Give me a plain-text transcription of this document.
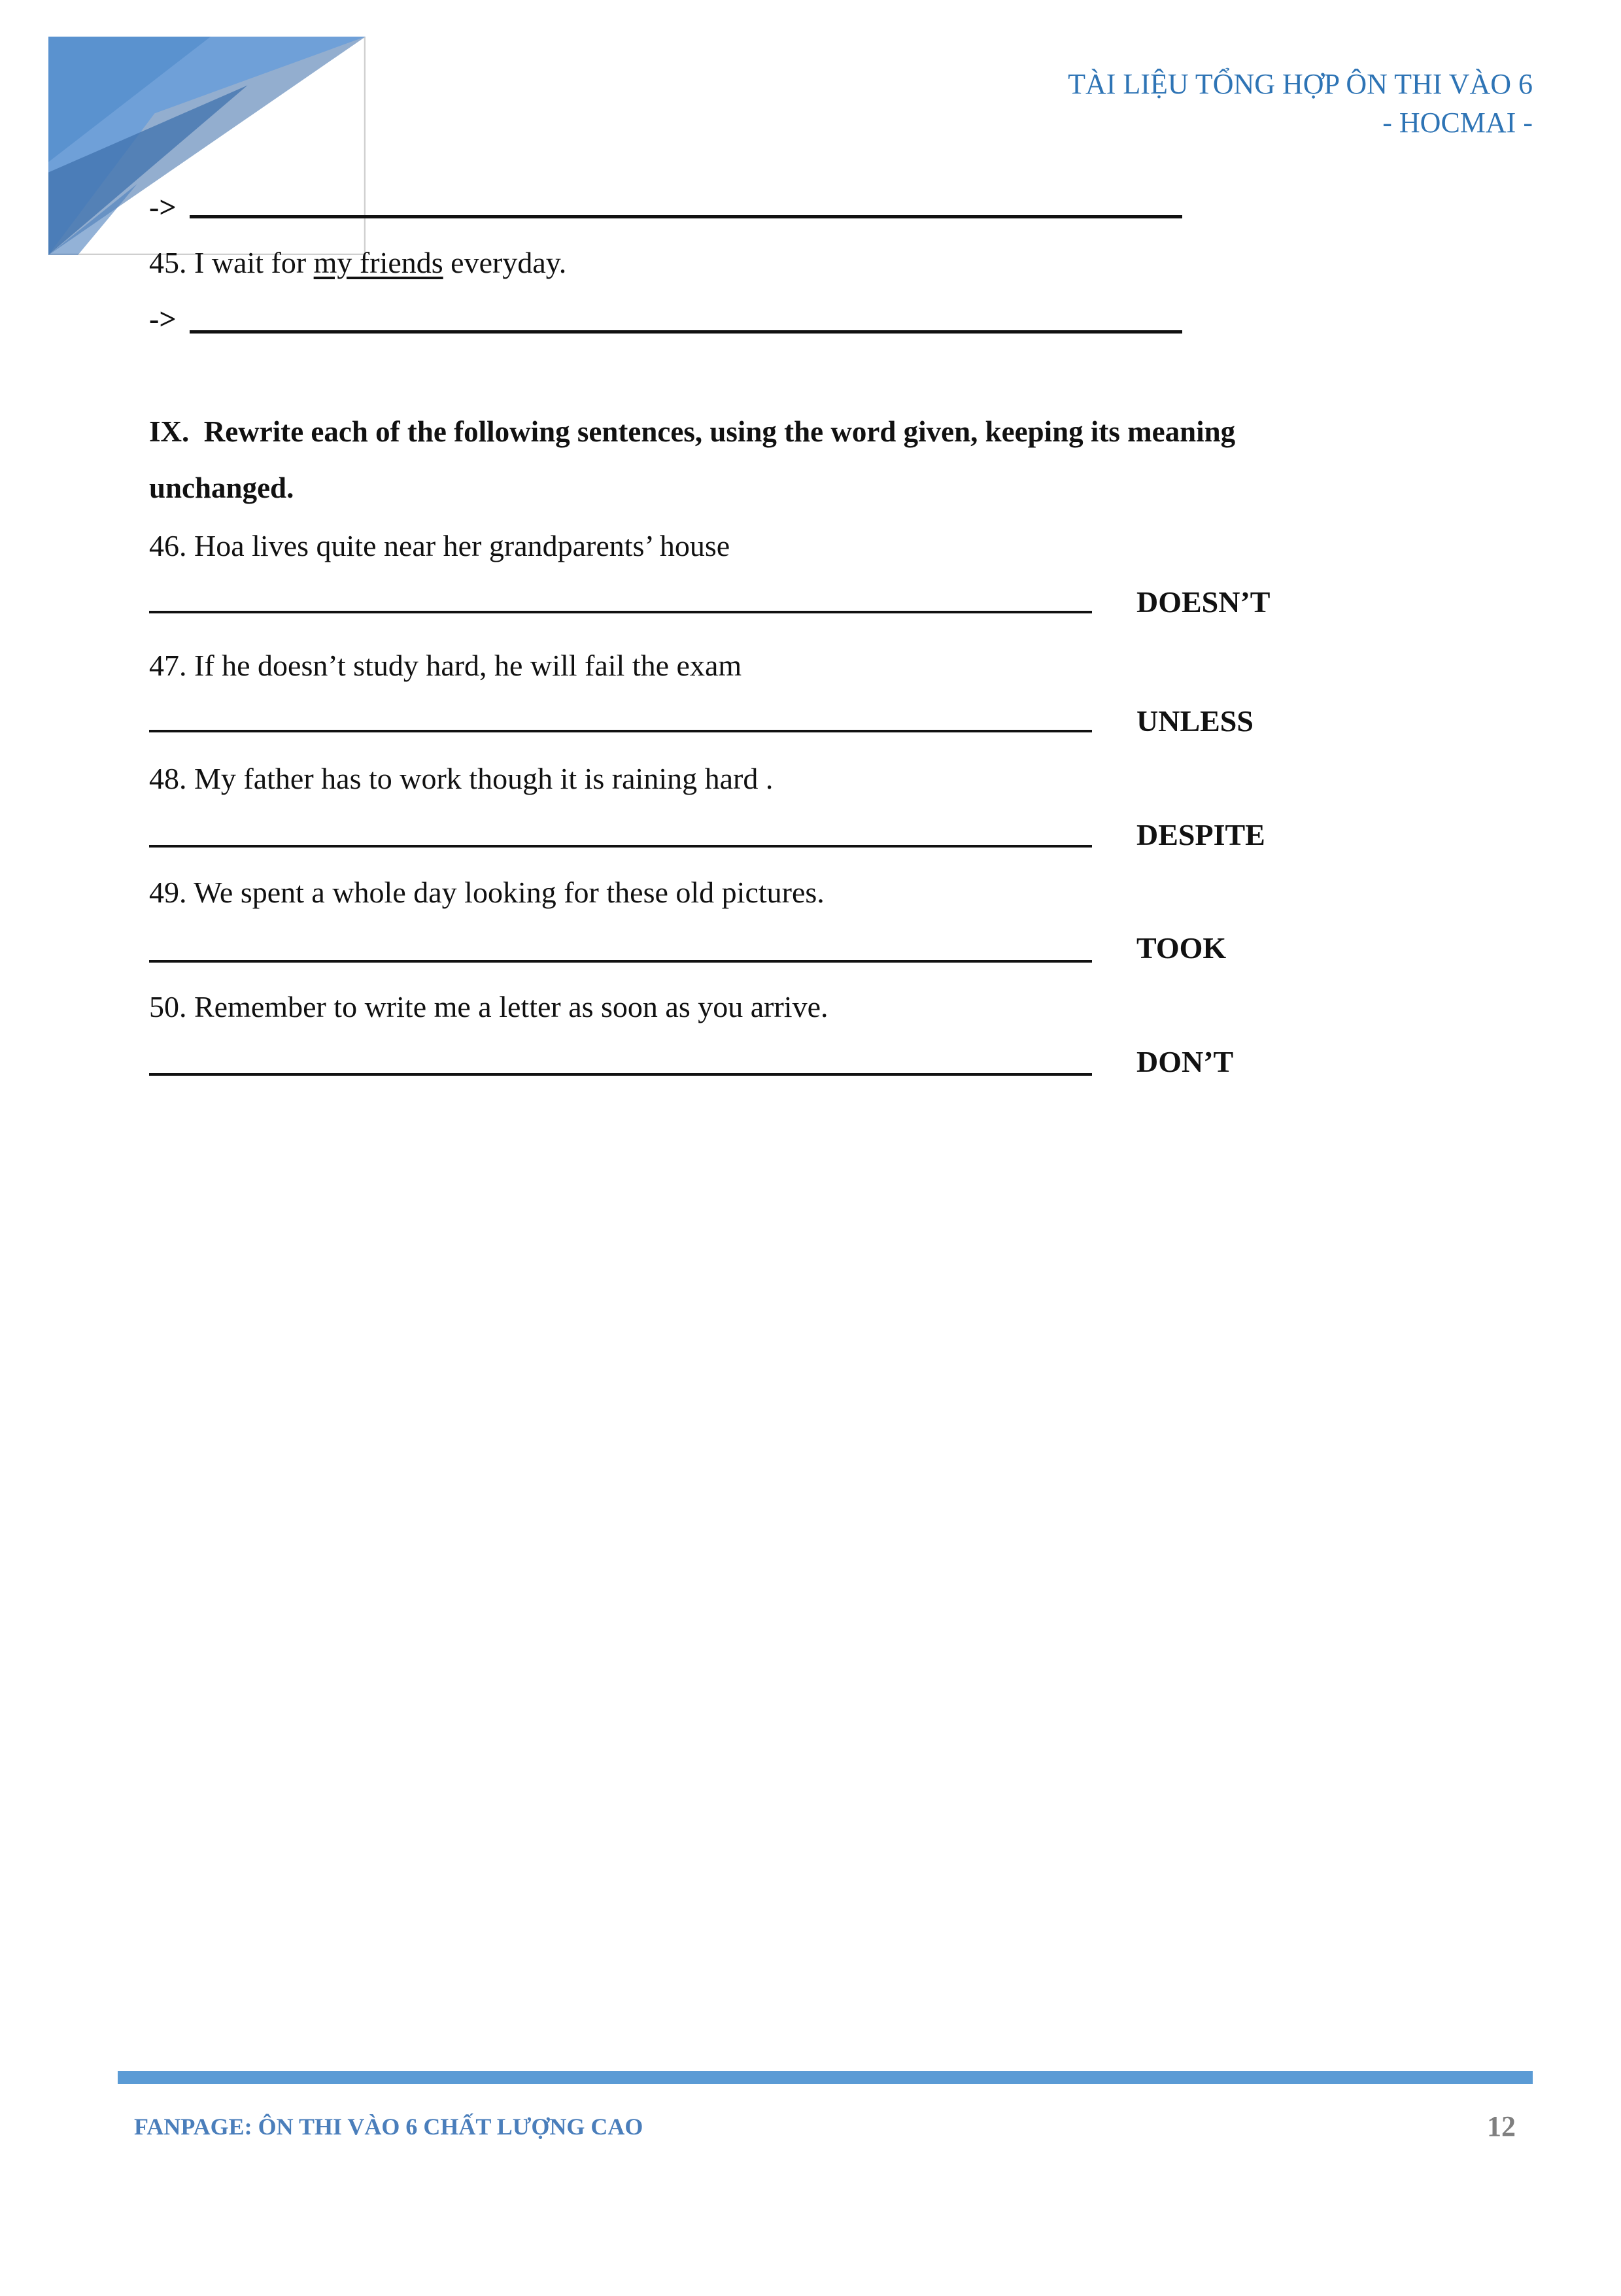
TÀI LIỆU TỔNG HỢP ÔN THI VÀO 6
- HOCMAI -
->
45. I wait for my friends everyday.
->
IX. Rewrite each of the following sentences, using the word given, keeping its meaning
unchanged.
46. Hoa lives quite near her grandparents’ house
DOESN’T
47. If he doesn’t study hard, he will fail the exam
UNLESS
48. My father has to work though it is raining hard .
DESPITE
49. We spent a whole day looking for these old pictures.
TOOK
50. Remember to write me a letter as soon as you arrive.
DON’T
FANPAGE: ÔN THI VÀO 6 CHẤT LƯỢNG CAO	12
